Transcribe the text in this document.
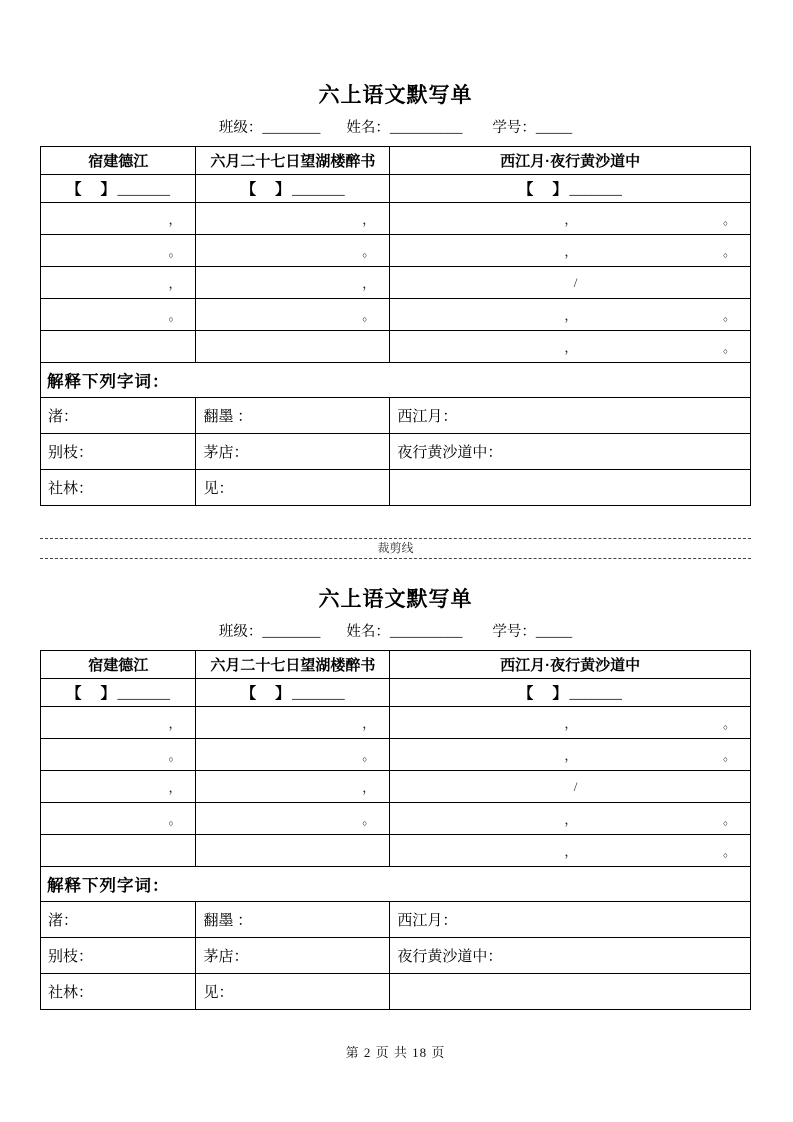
六上语文默写单
班级：________ 姓名：__________ 学号：_____
宿建德江	六月二十七日望湖楼醉书	西江月·夜行黄沙道中
【　】_______	【　】_______	【　】_______
，	，	， 。

。	。	， 。

，	，	/

。	。	， 。

		， 。

解释下列字词：		
渚：	翻墨 ：	西江月：
别枝：	茅店：	夜行黄沙道中：
社林：	见：	
裁剪线
六上语文默写单
班级：________ 姓名：__________ 学号：_____
宿建德江	六月二十七日望湖楼醉书	西江月·夜行黄沙道中
【　】_______	【　】_______	【　】_______
，	，	， 。

。	。	， 。

，	，	/

。	。	， 。

		， 。

解释下列字词：		
渚：	翻墨 ：	西江月：
别枝：	茅店：	夜行黄沙道中：
社林：	见：	
第 2 页 共 18 页
